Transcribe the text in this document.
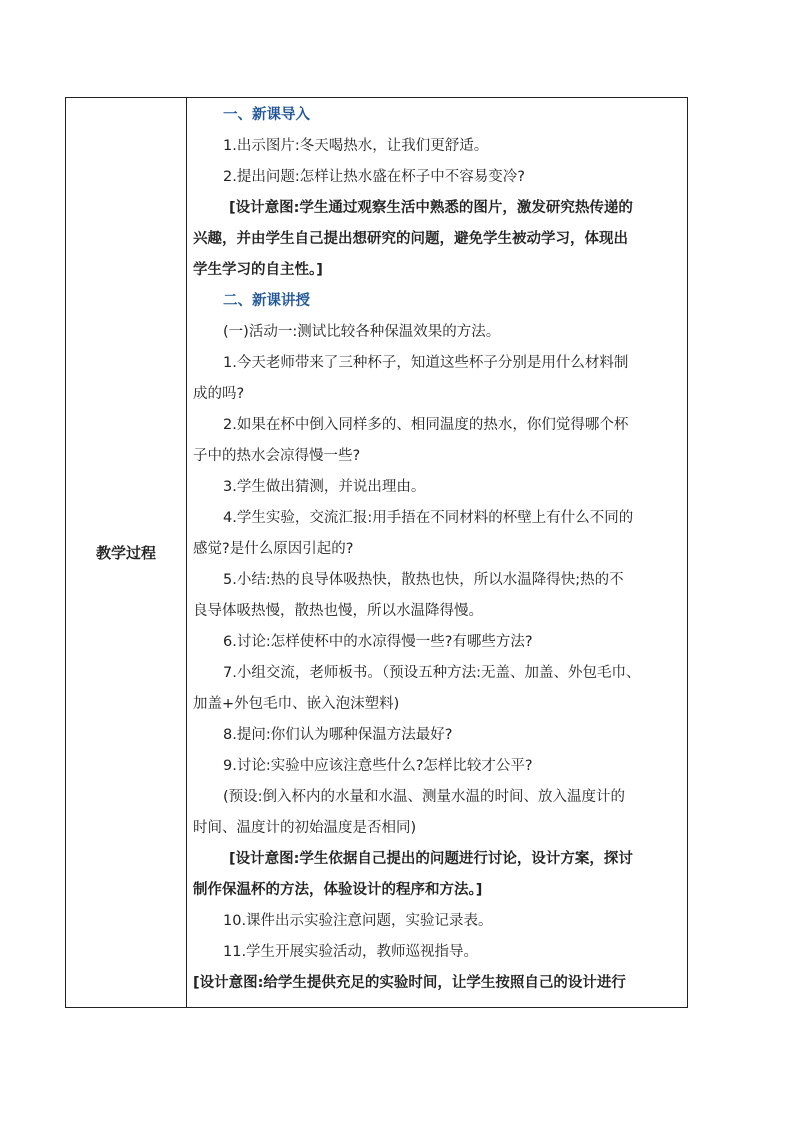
教学过程
一、新课导入
1.出示图片:冬天喝热水，让我们更舒适。
2.提出问题:怎样让热水盛在杯子中不容易变冷?
[设计意图:学生通过观察生活中熟悉的图片，激发研究热传递的
兴趣，并由学生自己提出想研究的问题，避免学生被动学习，体现出
学生学习的自主性。]
二、新课讲授
(一)活动一:测试比较各种保温效果的方法。
1.今天老师带来了三种杯子，知道这些杯子分别是用什么材料制
成的吗?
2.如果在杯中倒入同样多的、相同温度的热水，你们觉得哪个杯
子中的热水会凉得慢一些?
3.学生做出猜测，并说出理由。
4.学生实验，交流汇报:用手捂在不同材料的杯壁上有什么不同的
感觉?是什么原因引起的?
5.小结:热的良导体吸热快，散热也快，所以水温降得快;热的不
良导体吸热慢，散热也慢，所以水温降得慢。
6.讨论:怎样使杯中的水凉得慢一些?有哪些方法?
7.小组交流，老师板书。（预设五种方法:无盖、加盖、外包毛巾、
加盖+外包毛巾、嵌入泡沫塑料)
8.提问:你们认为哪种保温方法最好?
9.讨论:实验中应该注意些什么?怎样比较才公平?
(预设:倒入杯内的水量和水温、测量水温的时间、放入温度计的
时间、温度计的初始温度是否相同)
[设计意图:学生依据自己提出的问题进行讨论，设计方案，探讨
制作保温杯的方法，体验设计的程序和方法。]
10.课件出示实验注意问题，实验记录表。
11.学生开展实验活动，教师巡视指导。
[设计意图:给学生提供充足的实验时间，让学生按照自己的设计进行
